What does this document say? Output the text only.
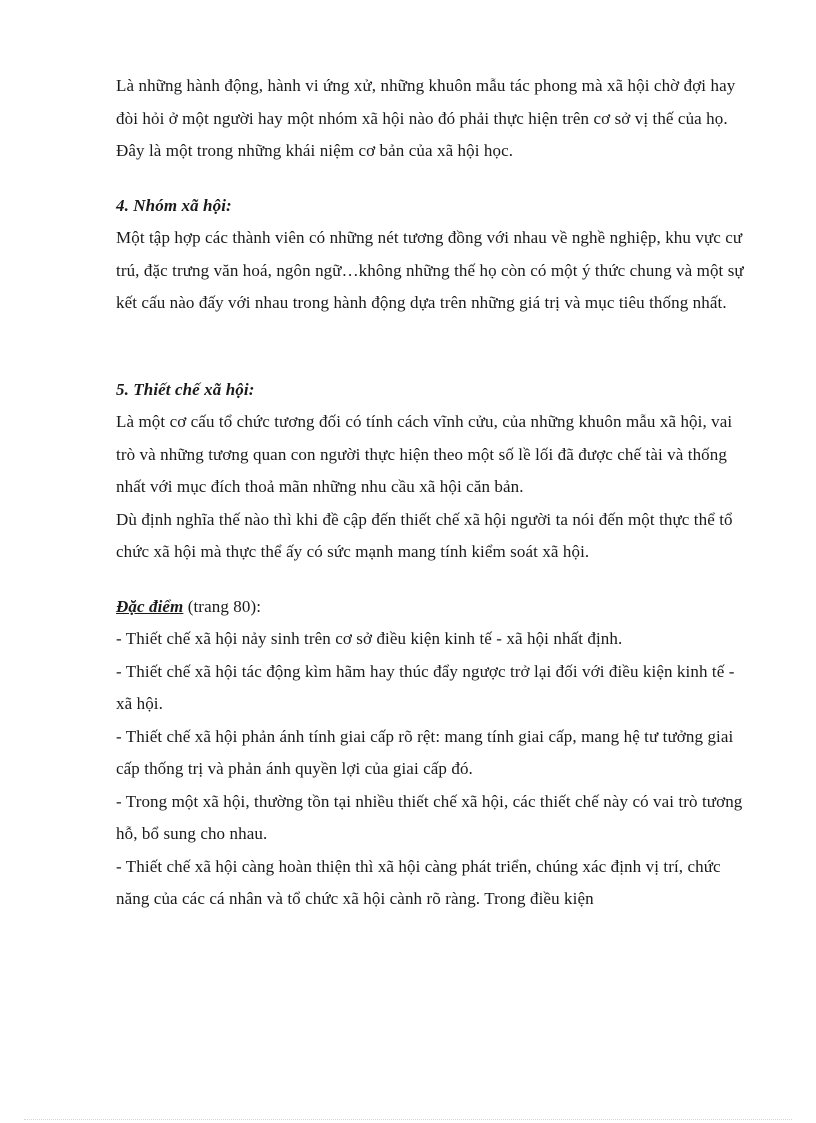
Là những hành động, hành vi ứng xử, những khuôn mẫu tác phong mà xã hội chờ đợi hay đòi hỏi ở một người hay một nhóm xã hội nào đó phải thực hiện trên cơ sở vị thế của họ. Đây là một trong những khái niệm cơ bản của xã hội học.

4. Nhóm xã hội:

Một tập hợp các thành viên có những nét tương đồng với nhau về nghề nghiệp, khu vực cư trú, đặc trưng văn hoá, ngôn ngữ…không những thế họ còn có một ý thức chung và một sự kết cấu nào đấy với nhau trong hành động dựa trên những giá trị và mục tiêu thống nhất.

5. Thiết chế xã hội:

Là một cơ cấu tổ chức tương đối có tính cách vĩnh cửu, của những khuôn mẫu xã hội, vai trò và những tương quan con người thực hiện theo một số lề lối đã được chế tài và thống nhất với mục đích thoả mãn những nhu cầu xã hội căn bản.

Dù định nghĩa thế nào thì khi đề cập đến thiết chế xã hội người ta nói đến một thực thể tổ chức xã hội mà thực thể ấy có sức mạnh mang tính kiểm soát xã hội.

Đặc điểm (trang 80):

- Thiết chế xã hội nảy sinh trên cơ sở điều kiện kinh tế - xã hội nhất định.

- Thiết chế xã hội tác động kìm hãm hay thúc đẩy ngược trở lại đối với điều kiện kinh tế - xã hội.

- Thiết chế xã hội phản ánh tính giai cấp rõ rệt: mang tính giai cấp, mang hệ tư tưởng giai cấp thống trị và phản ánh quyền lợi của giai cấp đó.

- Trong một xã hội, thường tồn tại nhiều thiết chế xã hội, các thiết chế này có vai trò tương hỗ, bổ sung cho nhau.

- Thiết chế xã hội càng hoàn thiện thì xã hội càng phát triển, chúng xác định vị trí, chức năng của các cá nhân và tổ chức xã hội cành rõ ràng. Trong điều kiện
